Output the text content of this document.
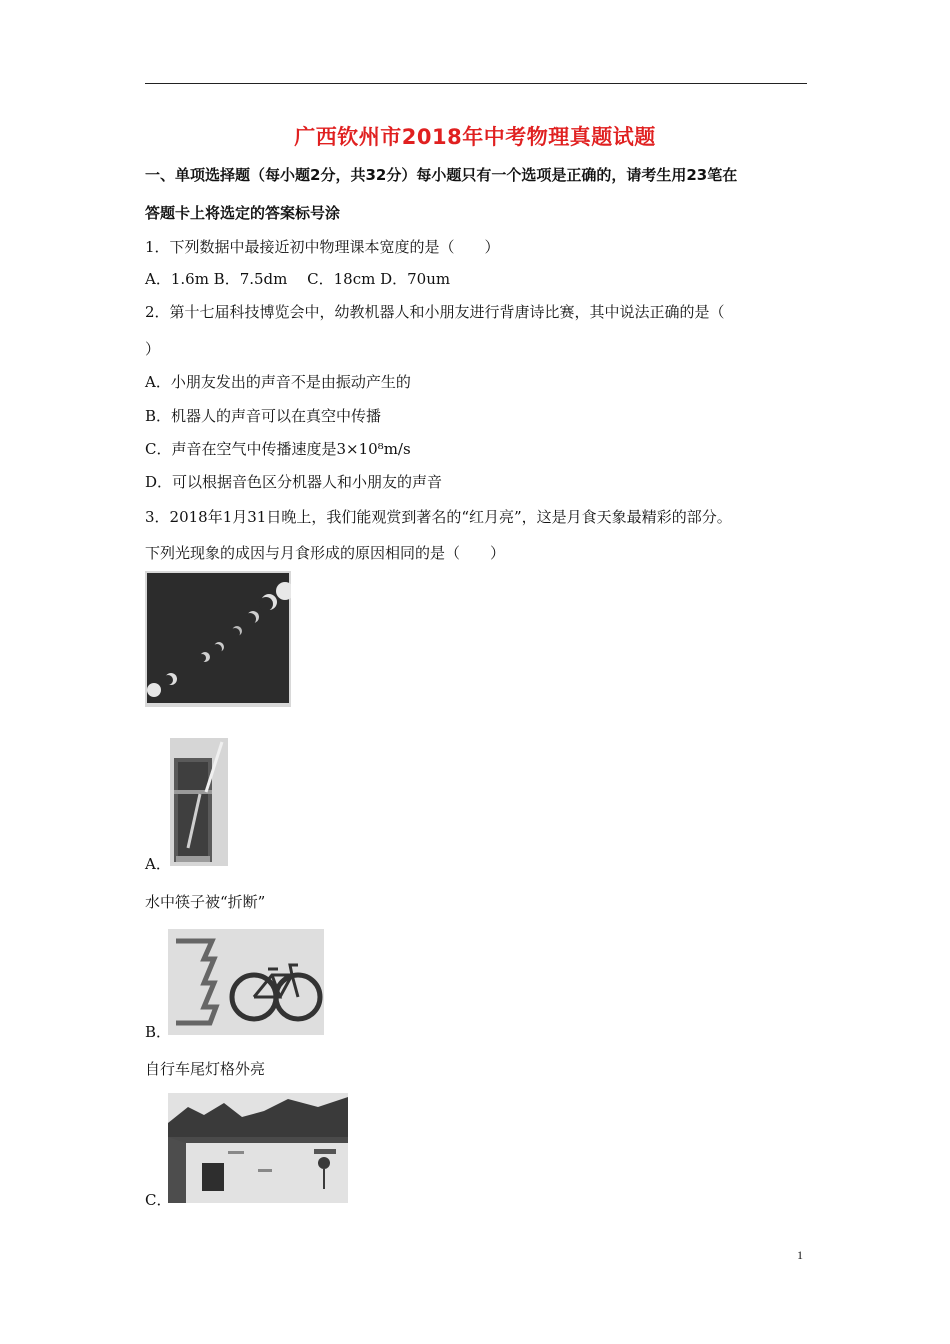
广西钦州市2018年中考物理真题试题
一、单项选择题（每小题2分，共32分）每小题只有一个选项是正确的，请考生用23笔在
答题卡上将选定的答案标号涂
1．下列数据中最接近初中物理课本宽度的是（　　）
A．1.6m B．7.5dm　 C．18cm D．70um
2．第十七届科技博览会中，幼教机器人和小朋友进行背唐诗比赛，其中说法正确的是（
）
A．小朋友发出的声音不是由振动产生的
B．机器人的声音可以在真空中传播
C．声音在空气中传播速度是3×10⁸m/s
D．可以根据音色区分机器人和小朋友的声音
3．2018年1月31日晚上，我们能观赏到著名的“红月亮”，这是月食天象最精彩的部分。
下列光现象的成因与月食形成的原因相同的是（　　）
A．
水中筷子被“折断”
B．
自行车尾灯格外亮
C．
1
